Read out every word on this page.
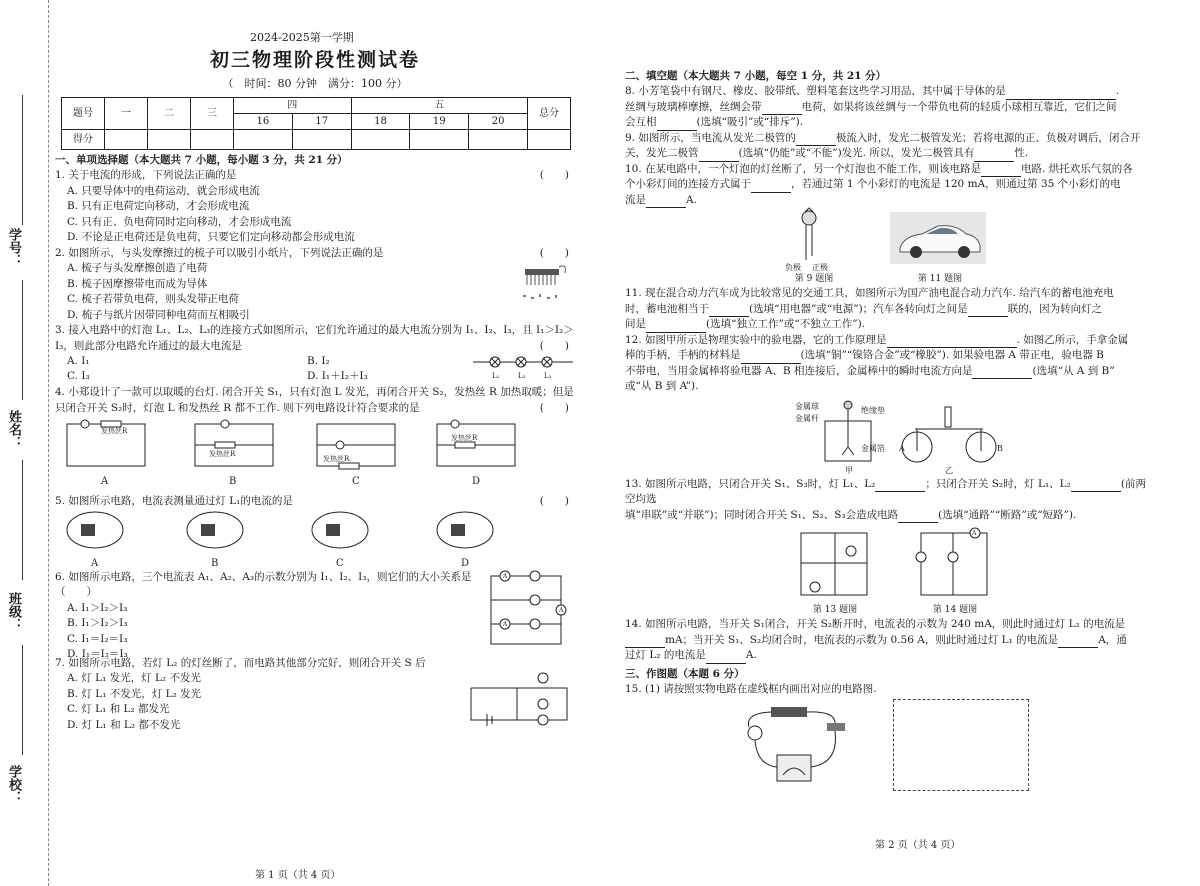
学号：
姓名：
班级：
学校：
2024-2025第一学期
初三物理阶段性测试卷
（　时间：80 分钟　满分：100 分）
题号	一	二	三	四		五			总分
				16	17	18	19	20	
得分									
一、单项选择题（本大题共 7 小题，每小题 3 分，共 21 分）
1. 关于电流的形成，下列说法正确的是	(　　)
A. 只要导体中的电荷运动，就会形成电流
B. 只有正电荷定向移动，才会形成电流
C. 只有正、负电荷同时定向移动，才会形成电流
D. 不论是正电荷还是负电荷，只要它们定向移动都会形成电流
2. 如图所示，与头发摩擦过的梳子可以吸引小纸片，下列说法正确的是	(　　)
A. 梳子与头发摩擦创造了电荷
B. 梳子因摩擦带电而成为导体
C. 梳子若带负电荷，则头发带正电荷
D. 梳子与纸片因带同种电荷而互相吸引
3. 接入电路中的灯泡 L₁、L₂、L₃的连接方式如图所示，它们允许通过的最大电流分别为 I₁、I₂、I₃，且 I₁＞I₂＞
I₃，则此部分电路允许通过的最大电流是	(　　)
A. I₁	B. I₂
C. I₃	D. I₁＋I₂＋I₃	L₁	L₂	L₃
4. 小郑设计了一款可以取暖的台灯. 闭合开关 S₁，只有灯泡 L 发光，再闭合开关 S₂，发热丝 R 加热取暖；但是
只闭合开关 S₂时，灯泡 L 和发热丝 R 都不工作. 则下列电路设计符合要求的是	(　　)
发热丝R
发热丝R
发热丝R
发热丝R
A	B	C	D
5. 如图所示电路，电流表测量通过灯 L₁的电流的是	(　　)
A	B	C	D
6. 如图所示电路，三个电流表 A₁、A₂、A₃的示数分别为 I₁、I₂、I₃，则它们的大小关系是（　　）
A. I₁＞I₂＞I₃
B. I₁＞I₂＞I₃
C. I₁＝I₂＝I₃
D. I₁＝I₂＝I₃
A
A
A
7. 如图所示电路，若灯 L₂ 的灯丝断了，而电路其他部分完好，则闭合开关 S 后
A. 灯 L₁ 发光，灯 L₂ 不发光
B. 灯 L₁ 不发光，灯 L₂ 发光
C. 灯 L₁ 和 L₂ 都发光
D. 灯 L₁ 和 L₂ 都不发光
第 1 页（共 4 页）
二、填空题（本大题共 7 小题，每空 1 分，共 21 分）
8. 小芳笔袋中有钢尺、橡皮、胶带纸、塑料笔套这些学习用品，其中属于导体的是	.
丝绸与玻璃棒摩擦，丝绸会带	电荷，如果将该丝绸与一个带负电荷的轻质小球相互靠近，它们之间
会互相	(选填“吸引”或“排斥”).
9. 如图所示，当电流从发光二极管的	极流入时，发光二极管发光；若将电源的正、负极对调后，闭合开
关，发光二极管	(选填“仍能”或“不能”)发光. 所以，发光二极管具有	性.
10. 在某电路中，一个灯泡的灯丝断了，另一个灯泡也不能工作，则该电路是	电路. 烘托欢乐气氛的各
个小彩灯间的连接方式属于	，若通过第 1 个小彩灯的电流是 120 mA，则通过第 35 个小彩灯的电
流是	A.
负极 正极
第 9 题图	第 11 题图
11. 现在混合动力汽车成为比较常见的交通工具，如图所示为国产油电混合动力汽车. 给汽车的蓄电池充电
时，蓄电池相当于	(选填“用电器”或“电源”)；汽车各转向灯之间是	联的，因为转向灯之
间是	(选填“独立工作”或“不独立工作”).
12. 如图甲所示是物理实验中的验电器，它的工作原理是	. 如图乙所示，手拿金属
棒的手柄，手柄的材料是	(选填“铜”“镍铬合金”或“橡胶”). 如果验电器 A 带正电，验电器 B
不带电，当用金属棒将验电器 A、B 相连接后，金属棒中的瞬时电流方向是	(选填“从 A 到 B”
或“从 B 到 A”).
金属球
金属杆
绝缘垫
金属箔
甲	乙
A	B
13. 如图所示电路，只闭合开关 S₁、S₃时，灯 L₁、L₂	；只闭合开关 S₂时，灯 L₁、L₂	(前两空均选
填“串联”或“并联”)；同时闭合开关 S₁、S₂、S₃会造成电路	(选填“通路”“断路”或“短路”).
第 13 题图
A
第 14 题图
14. 如图所示电路，当开关 S₁闭合，开关 S₂断开时，电流表的示数为 240 mA，则此时通过灯 L₂ 的电流是
mA；当开关 S₁、S₂均闭合时，电流表的示数为 0.56 A，则此时通过灯 L₁ 的电流是	A，通
过灯 L₂ 的电流是	A.
三、作图题（本题 6 分）
15. (1) 请按照实物电路在虚线框内画出对应的电路图.
第 2 页（共 4 页）
